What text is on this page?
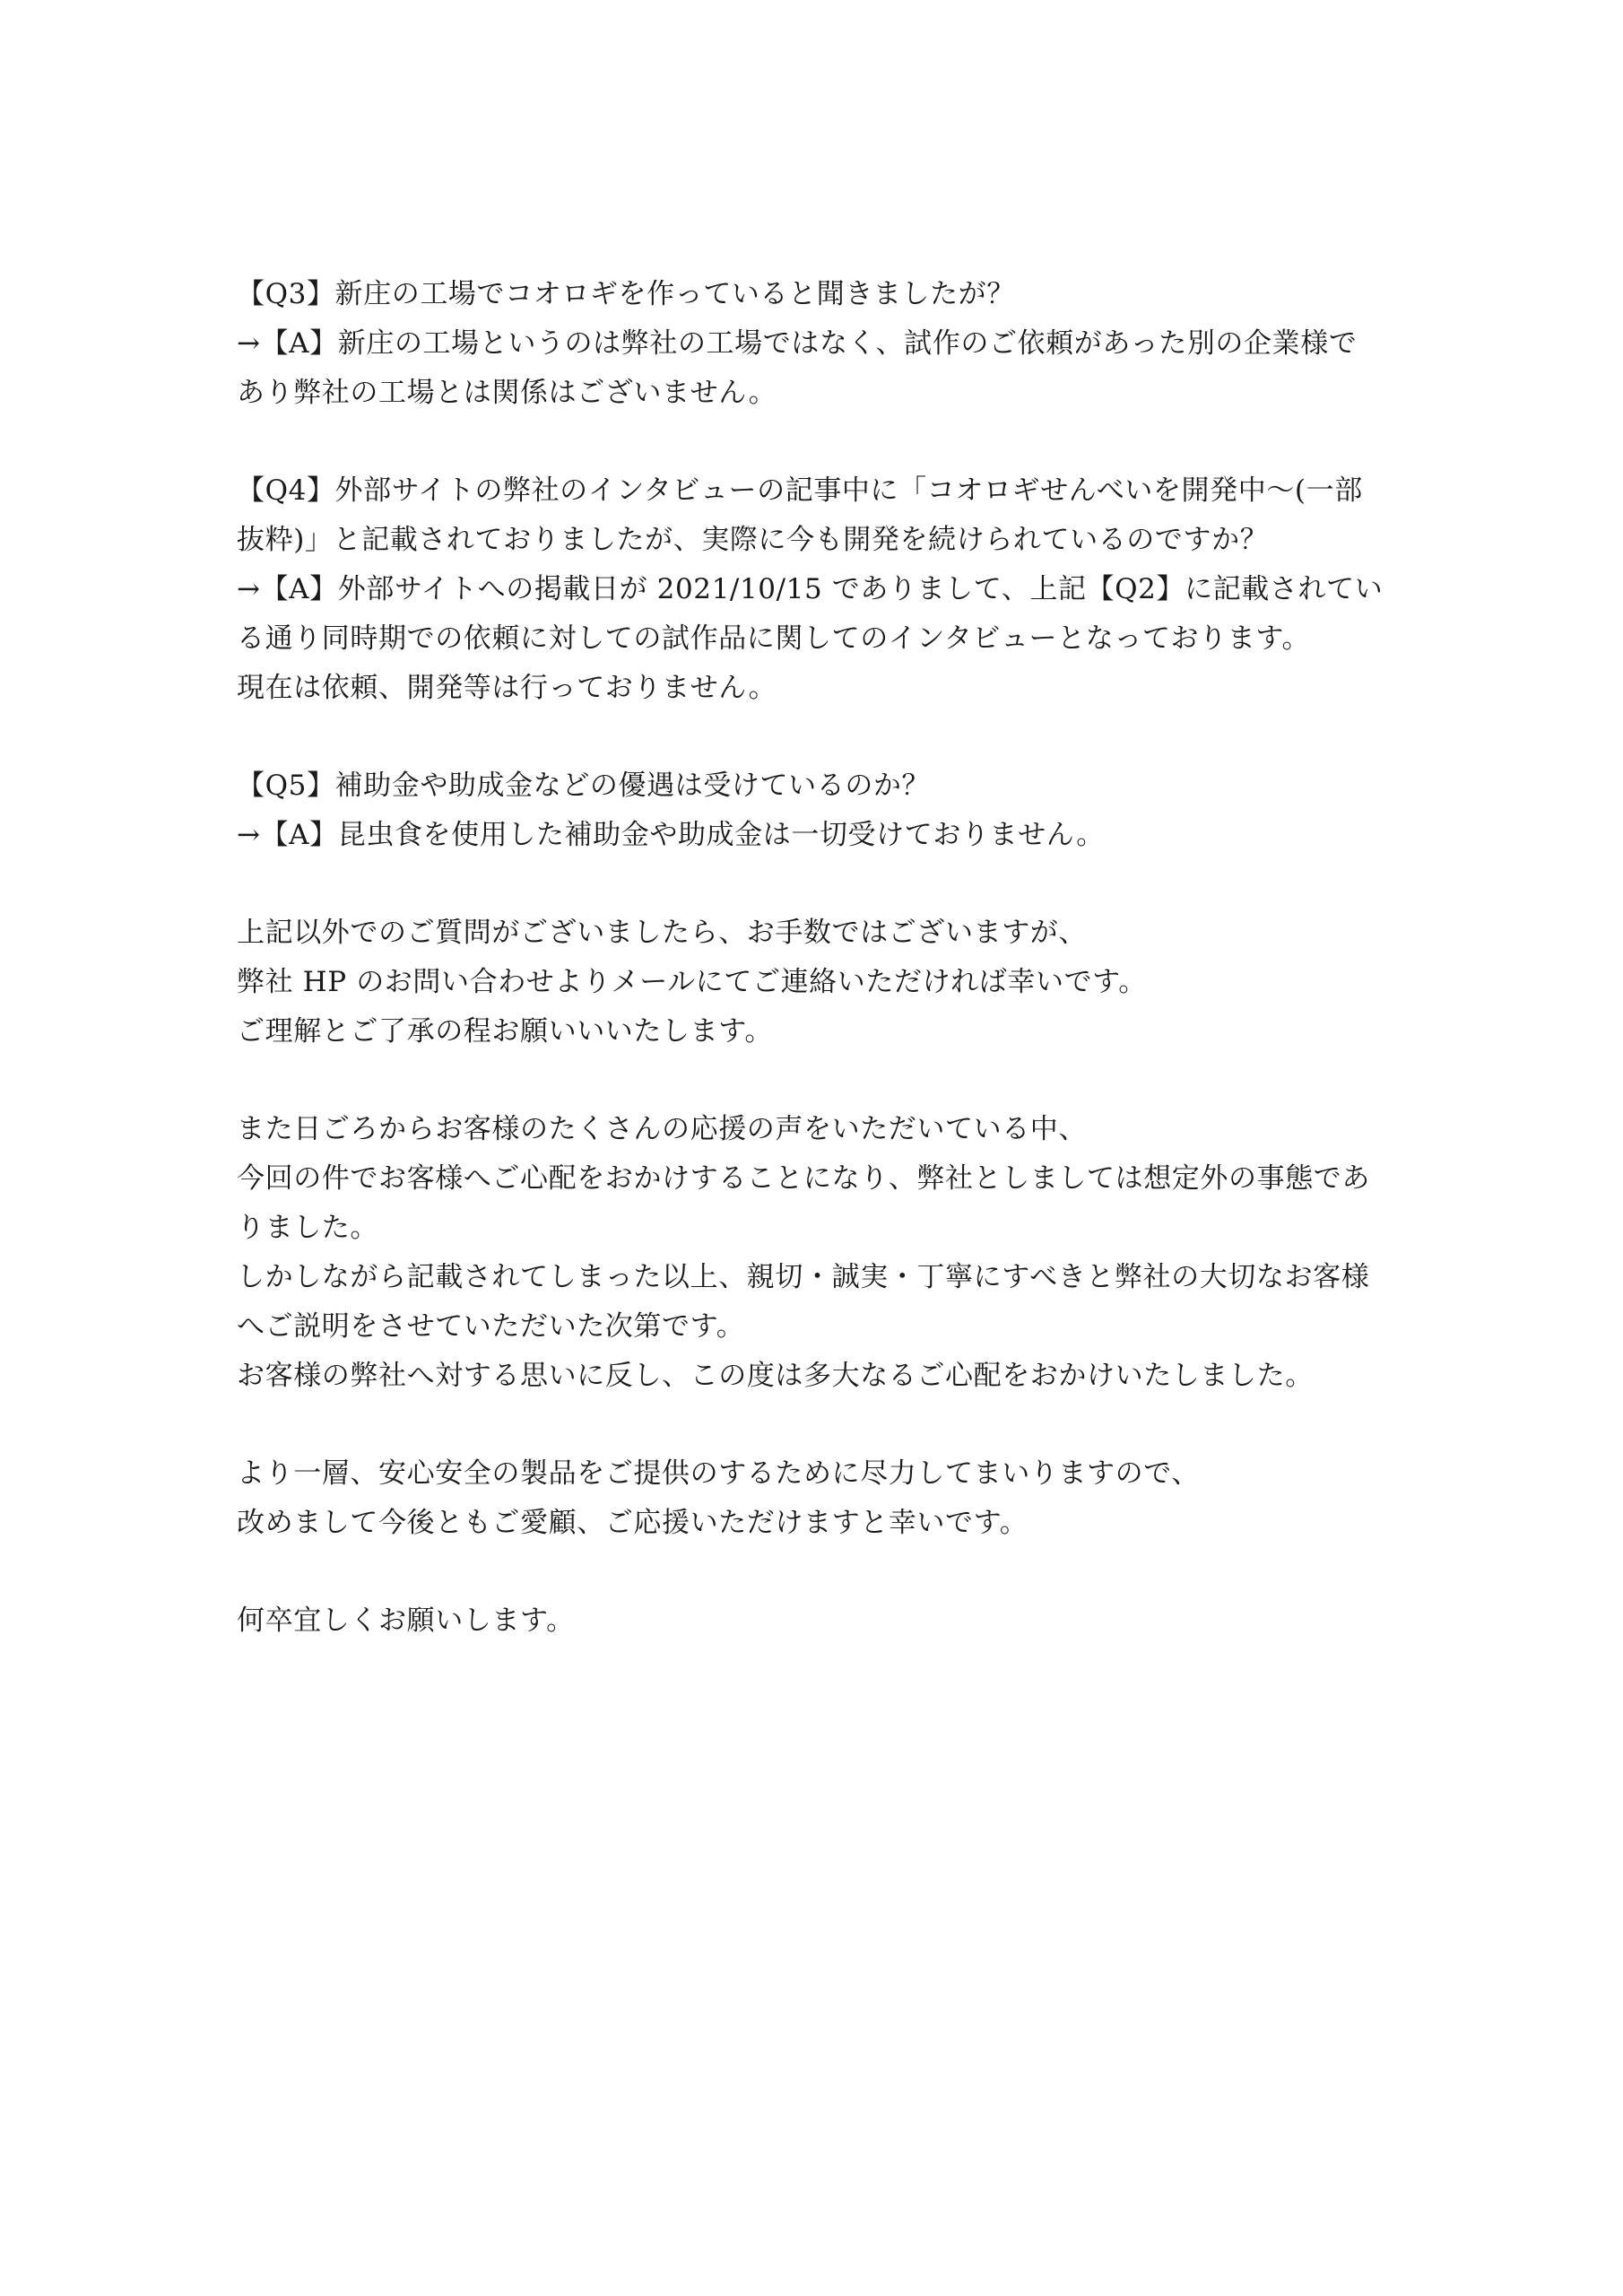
【Q3】新庄の工場でコオロギを作っていると聞きましたが？
→【A】新庄の工場というのは弊社の工場ではなく、試作のご依頼があった別の企業様で
あり弊社の工場とは関係はございません。
【Q4】外部サイトの弊社のインタビューの記事中に「コオロギせんべいを開発中〜(一部
抜粋)」と記載されておりましたが、実際に今も開発を続けられているのですか？
→【A】外部サイトへの掲載日が 2021/10/15 でありまして、上記【Q2】に記載されてい
る通り同時期での依頼に対しての試作品に関してのインタビューとなっております。
現在は依頼、開発等は行っておりません。
【Q5】補助金や助成金などの優遇は受けているのか？
→【A】昆虫食を使用した補助金や助成金は一切受けておりません。
上記以外でのご質問がございましたら、お手数ではございますが、
弊社 HP のお問い合わせよりメールにてご連絡いただければ幸いです。
ご理解とご了承の程お願いいいたします。
また日ごろからお客様のたくさんの応援の声をいただいている中、
今回の件でお客様へご心配をおかけすることになり、弊社としましては想定外の事態であ
りました。
しかしながら記載されてしまった以上、親切・誠実・丁寧にすべきと弊社の大切なお客様
へご説明をさせていただいた次第です。
お客様の弊社へ対する思いに反し、この度は多大なるご心配をおかけいたしました。
より一層、安心安全の製品をご提供のするために尽力してまいりますので、
改めまして今後ともご愛顧、ご応援いただけますと幸いです。
何卒宜しくお願いします。
